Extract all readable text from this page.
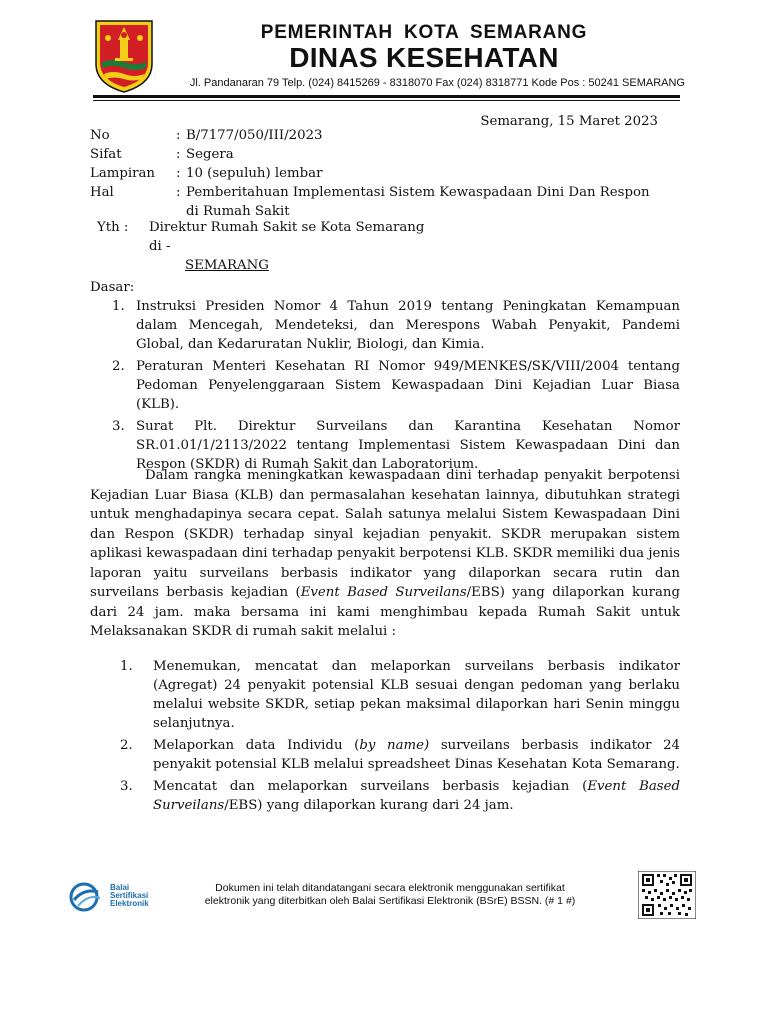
PEMERINTAH KOTA SEMARANG
DINAS KESEHATAN
Jl. Pandanaran 79 Telp. (024) 8415269 - 8318070 Fax (024) 8318771 Kode Pos : 50241 SEMARANG
Semarang, 15 Maret 2023
No	: B/7177/050/III/2023
Sifat	: Segera
Lampiran	: 10 (sepuluh) lembar
Hal	: Pemberitahuan Implementasi Sistem Kewaspadaan Dini Dan Respon di Rumah Sakit
Yth :	Direktur Rumah Sakit se Kota Semarang
di -
SEMARANG
Dasar:
1. Instruksi Presiden Nomor 4 Tahun 2019 tentang Peningkatan Kemampuan dalam Mencegah, Mendeteksi, dan Merespons Wabah Penyakit, Pandemi Global, dan Kedaruratan Nuklir, Biologi, dan Kimia.
2. Peraturan Menteri Kesehatan RI Nomor 949/MENKES/SK/VIII/2004 tentang Pedoman Penyelenggaraan Sistem Kewaspadaan Dini Kejadian Luar Biasa (KLB).
3. Surat Plt. Direktur Surveilans dan Karantina Kesehatan Nomor SR.01.01/1/2113/2022 tentang Implementasi Sistem Kewaspadaan Dini dan Respon (SKDR) di Rumah Sakit dan Laboratorium.

Dalam rangka meningkatkan kewaspadaan dini terhadap penyakit berpotensi Kejadian Luar Biasa (KLB) dan permasalahan kesehatan lainnya, dibutuhkan strategi untuk menghadapinya secara cepat. Salah satunya melalui Sistem Kewaspadaan Dini dan Respon (SKDR) terhadap sinyal kejadian penyakit. SKDR merupakan sistem aplikasi kewaspadaan dini terhadap penyakit berpotensi KLB. SKDR memiliki dua jenis laporan yaitu surveilans berbasis indikator yang dilaporkan secara rutin dan surveilans berbasis kejadian (Event Based Surveilans/EBS) yang dilaporkan kurang dari 24 jam. maka bersama ini kami menghimbau kepada Rumah Sakit untuk Melaksanakan SKDR di rumah sakit melalui :

1.	Menemukan, mencatat dan melaporkan surveilans berbasis indikator (Agregat) 24 penyakit potensial KLB sesuai dengan pedoman yang berlaku melalui website SKDR, setiap pekan maksimal dilaporkan hari Senin minggu selanjutnya.
2.	Melaporkan data Individu (by name) surveilans berbasis indikator 24 penyakit potensial KLB melalui spreadsheet Dinas Kesehatan Kota Semarang.
3.	Mencatat dan melaporkan surveilans berbasis kejadian (Event Based Surveilans/EBS) yang dilaporkan kurang dari 24 jam.
Balai
Sertifikasi
Elektronik
Dokumen ini telah ditandatangani secara elektronik menggunakan sertifikat
elektronik yang diterbitkan oleh Balai Sertifikasi Elektronik (BSrE) BSSN. (# 1 #)
